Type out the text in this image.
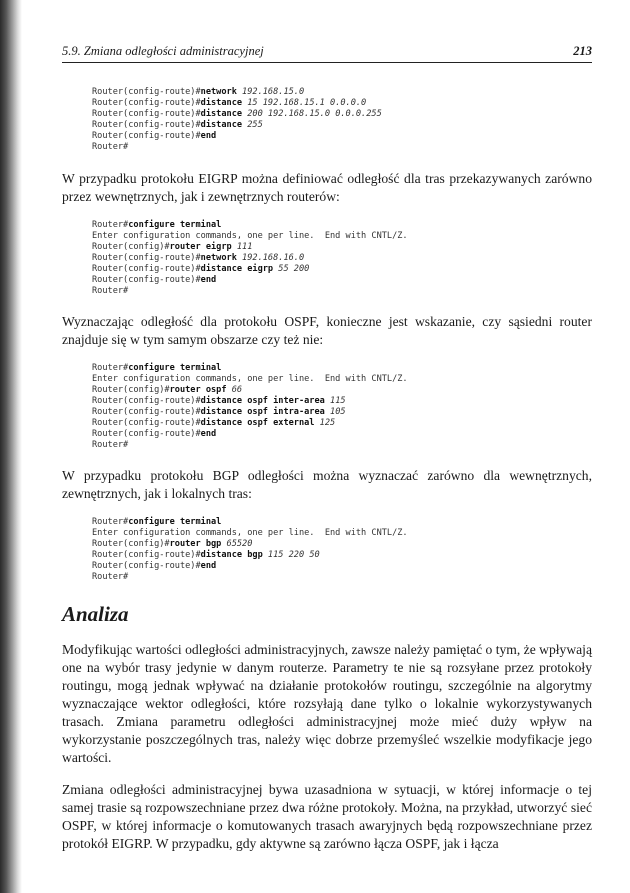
5.9. Zmiana odległości administracyjnej	213
Router(config-route)#network 192.168.15.0
Router(config-route)#distance 15 192.168.15.1 0.0.0.0
Router(config-route)#distance 200 192.168.15.0 0.0.0.255
Router(config-route)#distance 255
Router(config-route)#end
Router#

W przypadku protokołu EIGRP można definiować odległość dla tras przekazywanych zarówno przez wewnętrznych, jak i zewnętrznych routerów:

Router#configure terminal
Enter configuration commands, one per line.  End with CNTL/Z.
Router(config)#router eigrp 111
Router(config-route)#network 192.168.16.0
Router(config-route)#distance eigrp 55 200
Router(config-route)#end
Router#

Wyznaczając odległość dla protokołu OSPF, konieczne jest wskazanie, czy sąsiedni router znajduje się w tym samym obszarze czy też nie:

Router#configure terminal
Enter configuration commands, one per line.  End with CNTL/Z.
Router(config)#router ospf 66
Router(config-route)#distance ospf inter-area 115
Router(config-route)#distance ospf intra-area 105
Router(config-route)#distance ospf external 125
Router(config-route)#end
Router#

W przypadku protokołu BGP odległości można wyznaczać zarówno dla wewnętrznych, zewnętrznych, jak i lokalnych tras:

Router#configure terminal
Enter configuration commands, one per line.  End with CNTL/Z.
Router(config)#router bgp 65520
Router(config-route)#distance bgp 115 220 50
Router(config-route)#end
Router#
Analiza

Modyfikując wartości odległości administracyjnych, zawsze należy pamiętać o tym, że wpływają one na wybór trasy jedynie w danym routerze. Parametry te nie są rozsyłane przez protokoły routingu, mogą jednak wpływać na działanie protokołów routingu, szczególnie na algorytmy wyznaczające wektor odległości, które rozsyłają dane tylko o lokalnie wykorzystywanych trasach. Zmiana parametru odległości administracyjnej może mieć duży wpływ na wykorzystanie poszczególnych tras, należy więc dobrze przemyśleć wszelkie modyfikacje jego wartości.

Zmiana odległości administracyjnej bywa uzasadniona w sytuacji, w której informacje o tej samej trasie są rozpowszechniane przez dwa różne protokoły. Można, na przykład, utworzyć sieć OSPF, w której informacje o komutowanych trasach awaryjnych będą rozpowszechniane przez protokół EIGRP. W przypadku, gdy aktywne są zarówno łącza OSPF, jak i łącza
